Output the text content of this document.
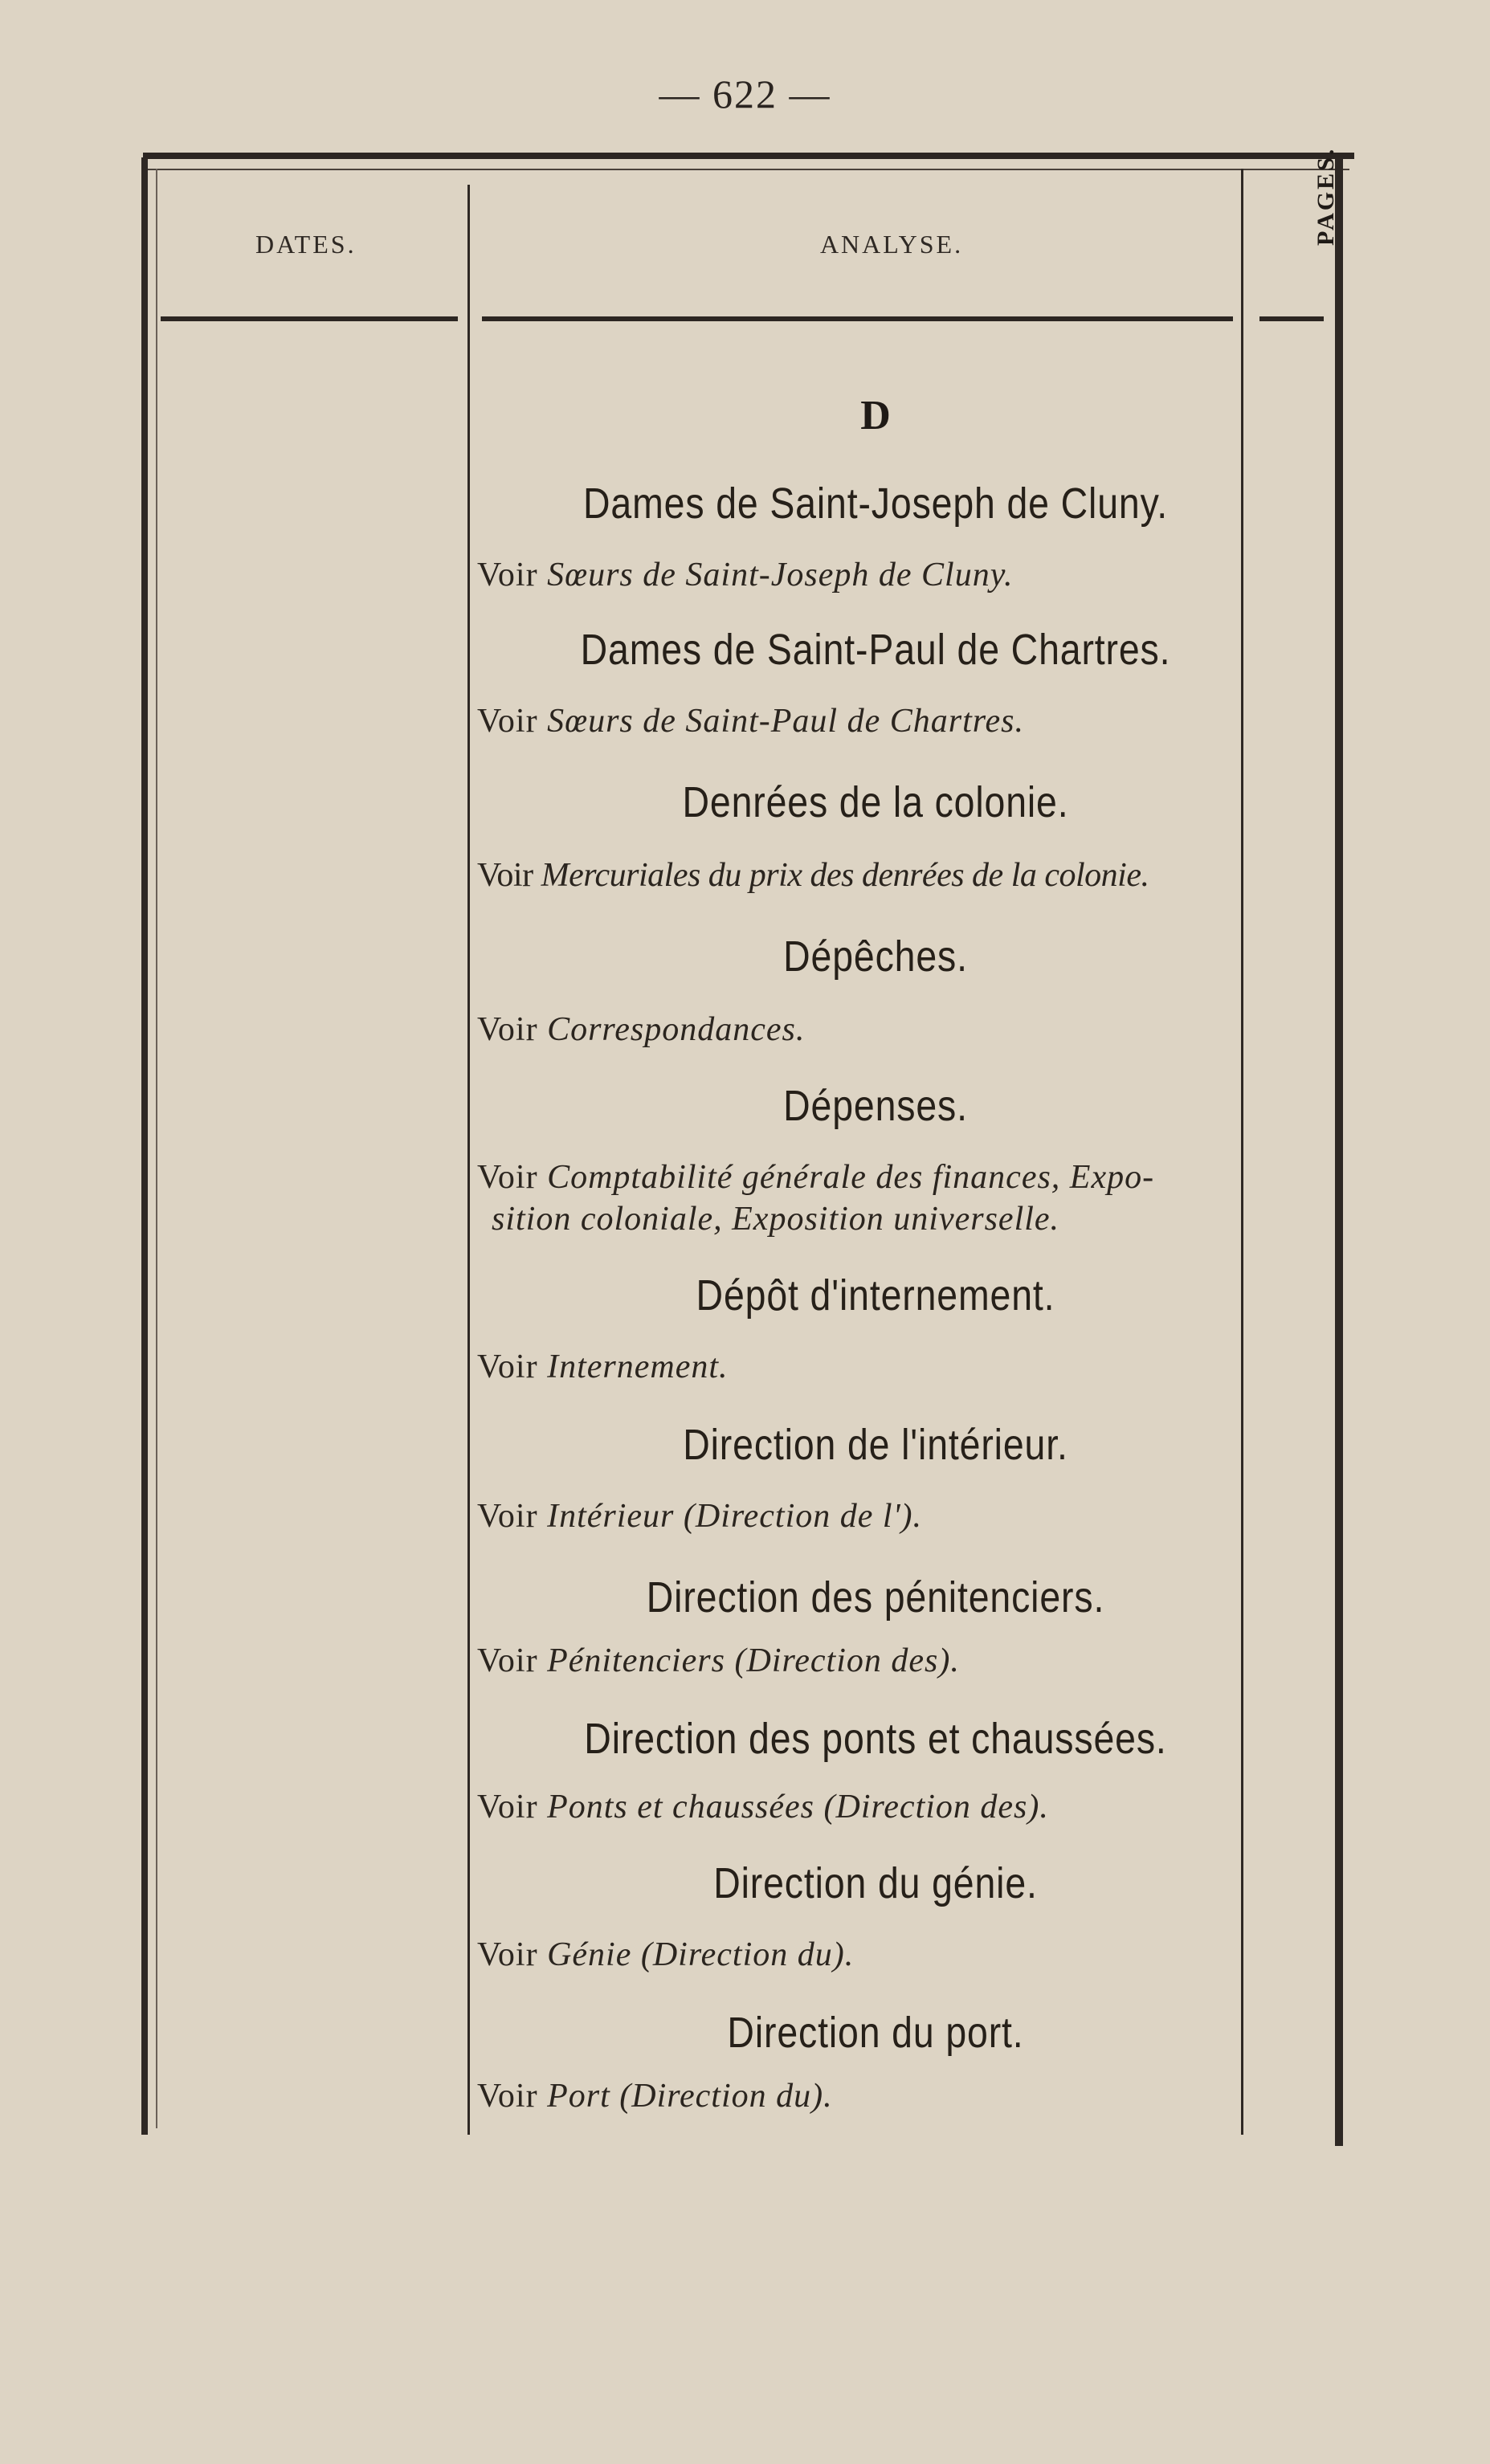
— 622 —
DATES.	ANALYSE.	PAGES.
D
Dames de Saint-Joseph de Cluny.
Voir Sœurs de Saint-Joseph de Cluny.
Dames de Saint-Paul de Chartres.
Voir Sœurs de Saint-Paul de Chartres.
Denrées de la colonie.
Voir Mercuriales du prix des denrées de la colonie.
Dépêches.
Voir Correspondances.
Dépenses.
Voir Comptabilité générale des finances, Expo-
sition coloniale, Exposition universelle.
Dépôt d'internement.
Voir Internement.
Direction de l'intérieur.
Voir Intérieur (Direction de l').
Direction des pénitenciers.
Voir Pénitenciers (Direction des).
Direction des ponts et chaussées.
Voir Ponts et chaussées (Direction des).
Direction du génie.
Voir Génie (Direction du).
Direction du port.
Voir Port (Direction du).
